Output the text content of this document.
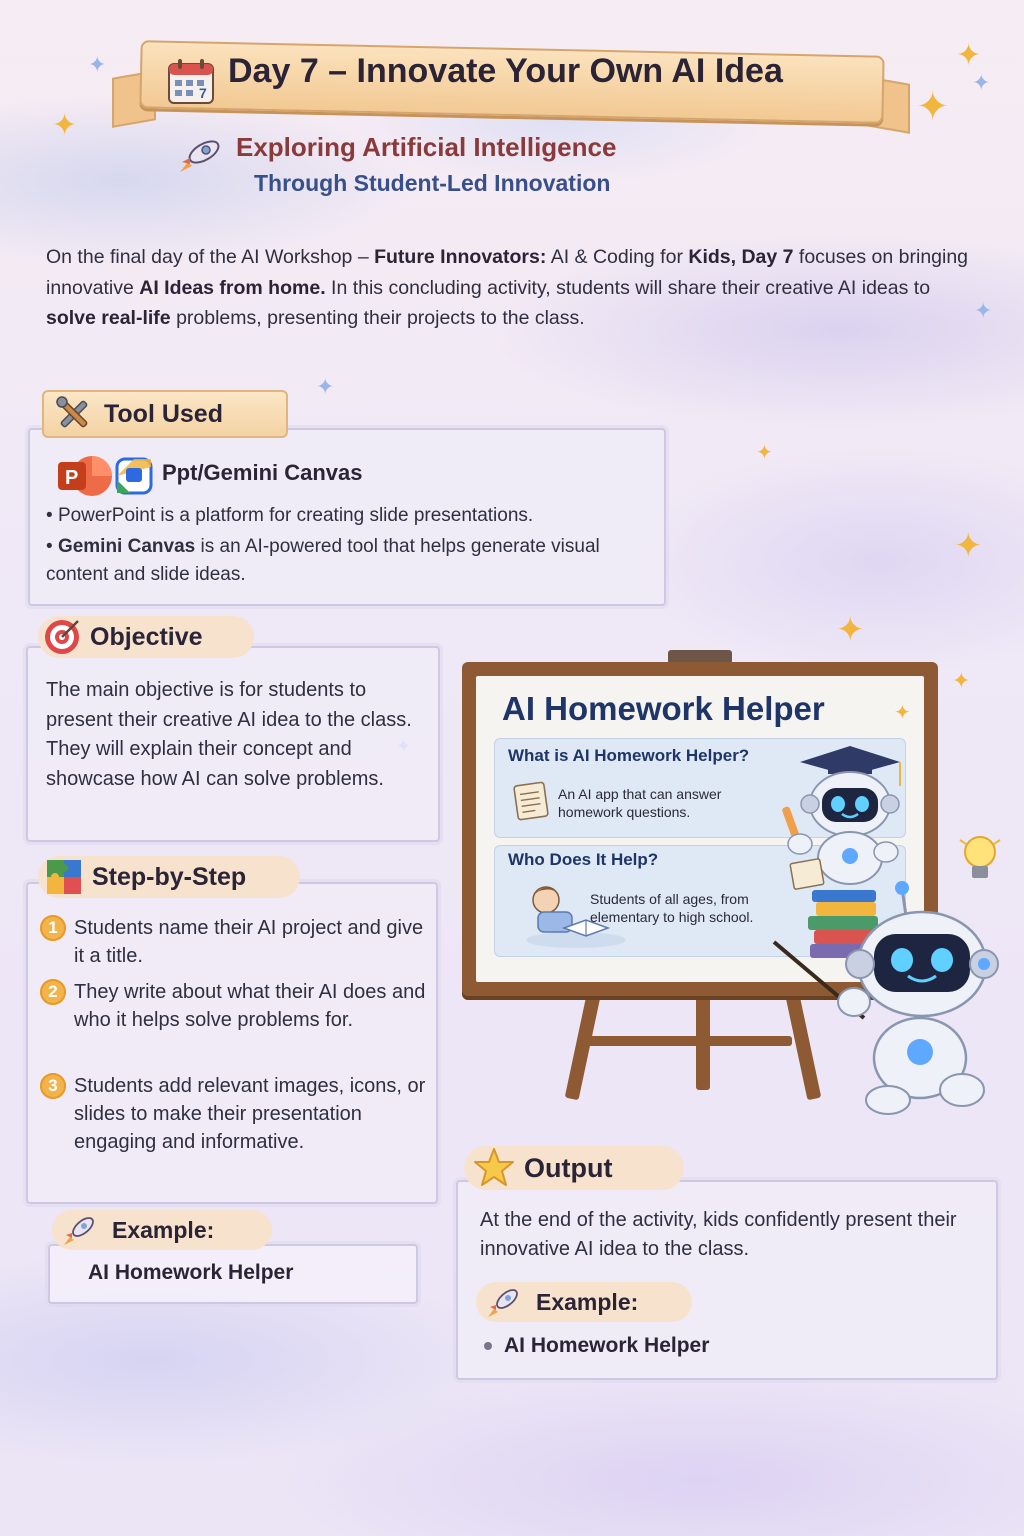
✦
✦
✦
✦
✦
✦
✦
✦
✦
✦
✦
7
Day 7 – Innovate Your Own AI Idea
Exploring Artificial Intelligence
Through Student-Led Innovation
On the final day of the AI Workshop – Future Innovators: AI & Coding for Kids, Day 7 focuses on bringing innovative AI Ideas from home. In this concluding activity, students will share their creative AI ideas to solve real-life problems, presenting their projects to the class.
Tool Used
P	Ppt/Gemini Canvas
• PowerPoint is a platform for creating slide presentations.
• Gemini Canvas is an AI-powered tool that helps generate visual content and slide ideas.
Objective
The main objective is for students to present their creative AI idea to the class. They will explain their concept and showcase how AI can solve problems.
Step-by-Step
1 Students name their AI project and give it a title.
2 They write about what their AI does and who it helps solve problems for.
3 Students add relevant images, icons, or slides to make their presentation engaging and informative.
Example:
AI Homework Helper
AI Homework Helper	✦
What is AI Homework Helper?
An AI app that can answer homework questions.
Who Does It Help?
Students of all ages, from elementary to high school.
Output
At the end of the activity, kids confidently present their innovative AI idea to the class.
Example:
AI Homework Helper
